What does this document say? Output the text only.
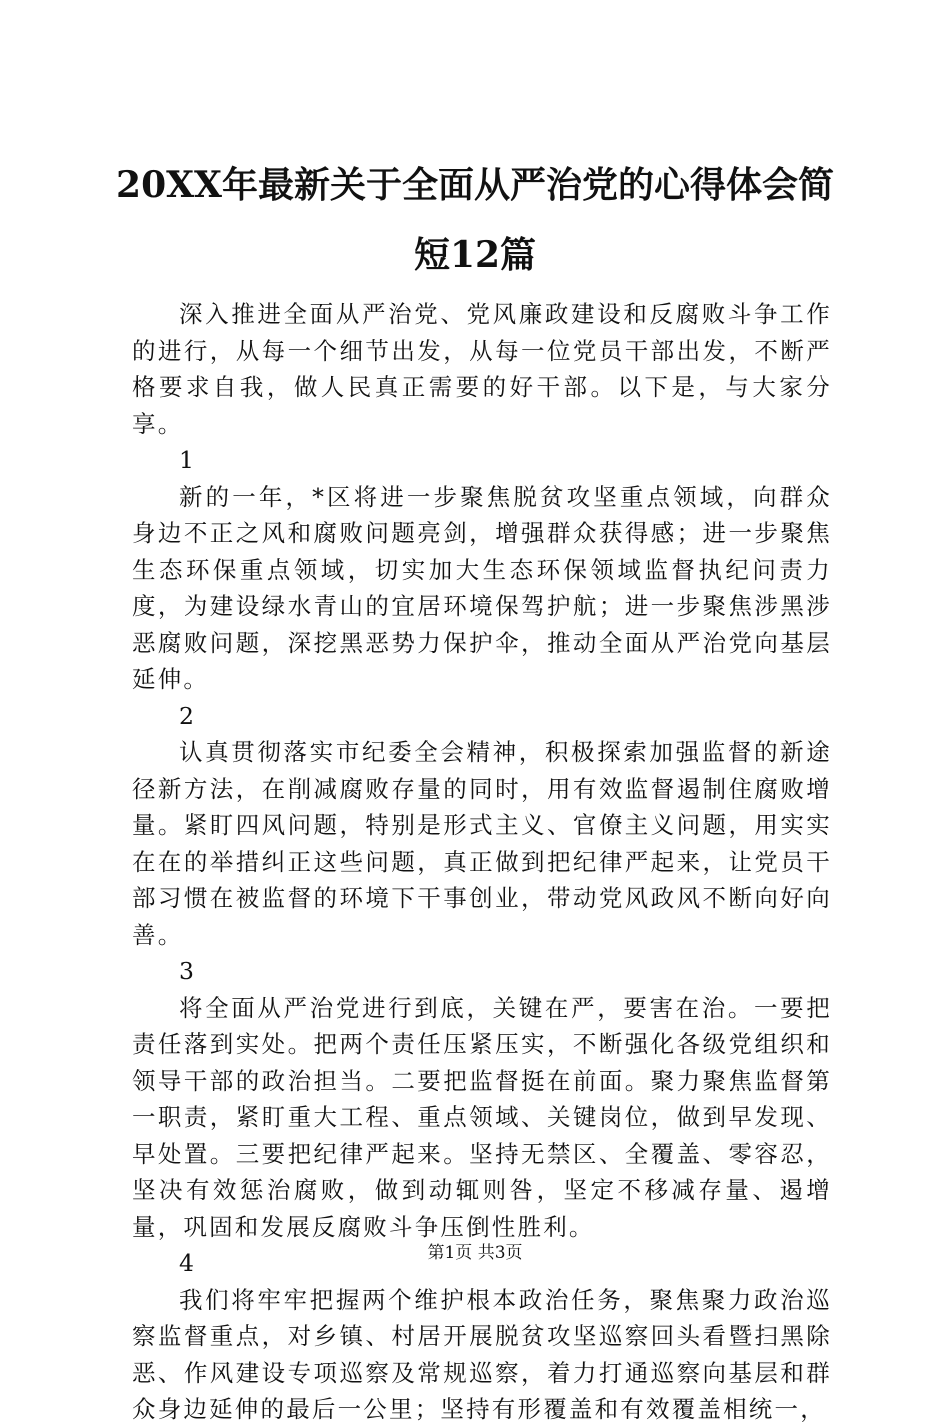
20XX年最新关于全面从严治党的心得体会简
短12篇

深入推进全面从严治党、党风廉政建设和反腐败斗争工作的进行，从每一个细节出发，从每一位党员干部出发，不断严格要求自我，做人民真正需要的好干部。以下是，与大家分享。

1

新的一年，*区将进一步聚焦脱贫攻坚重点领域，向群众身边不正之风和腐败问题亮剑，增强群众获得感；进一步聚焦生态环保重点领域，切实加大生态环保领域监督执纪问责力度，为建设绿水青山的宜居环境保驾护航；进一步聚焦涉黑涉恶腐败问题，深挖黑恶势力保护伞，推动全面从严治党向基层延伸。

2

认真贯彻落实市纪委全会精神，积极探索加强监督的新途径新方法，在削减腐败存量的同时，用有效监督遏制住腐败增量。紧盯四风问题，特别是形式主义、官僚主义问题，用实实在在的举措纠正这些问题，真正做到把纪律严起来，让党员干部习惯在被监督的环境下干事创业，带动党风政风不断向好向善。

3

将全面从严治党进行到底，关键在严，要害在治。一要把责任落到实处。把两个责任压紧压实，不断强化各级党组织和领导干部的政治担当。二要把监督挺在前面。聚力聚焦监督第一职责，紧盯重大工程、重点领域、关键岗位，做到早发现、早处置。三要把纪律严起来。坚持无禁区、全覆盖、零容忍，坚决有效惩治腐败，做到动辄则咎，坚定不移减存量、遏增量，巩固和发展反腐败斗争压倒性胜利。

4

我们将牢牢把握两个维护根本政治任务，聚焦聚力政治巡察监督重点，对乡镇、村居开展脱贫攻坚巡察回头看暨扫黑除恶、作风建设专项巡察及常规巡察，着力打通巡察向基层和群众身边延伸的最后一公里；坚持有形覆盖和有效覆盖相统一，

第1页 共3页
